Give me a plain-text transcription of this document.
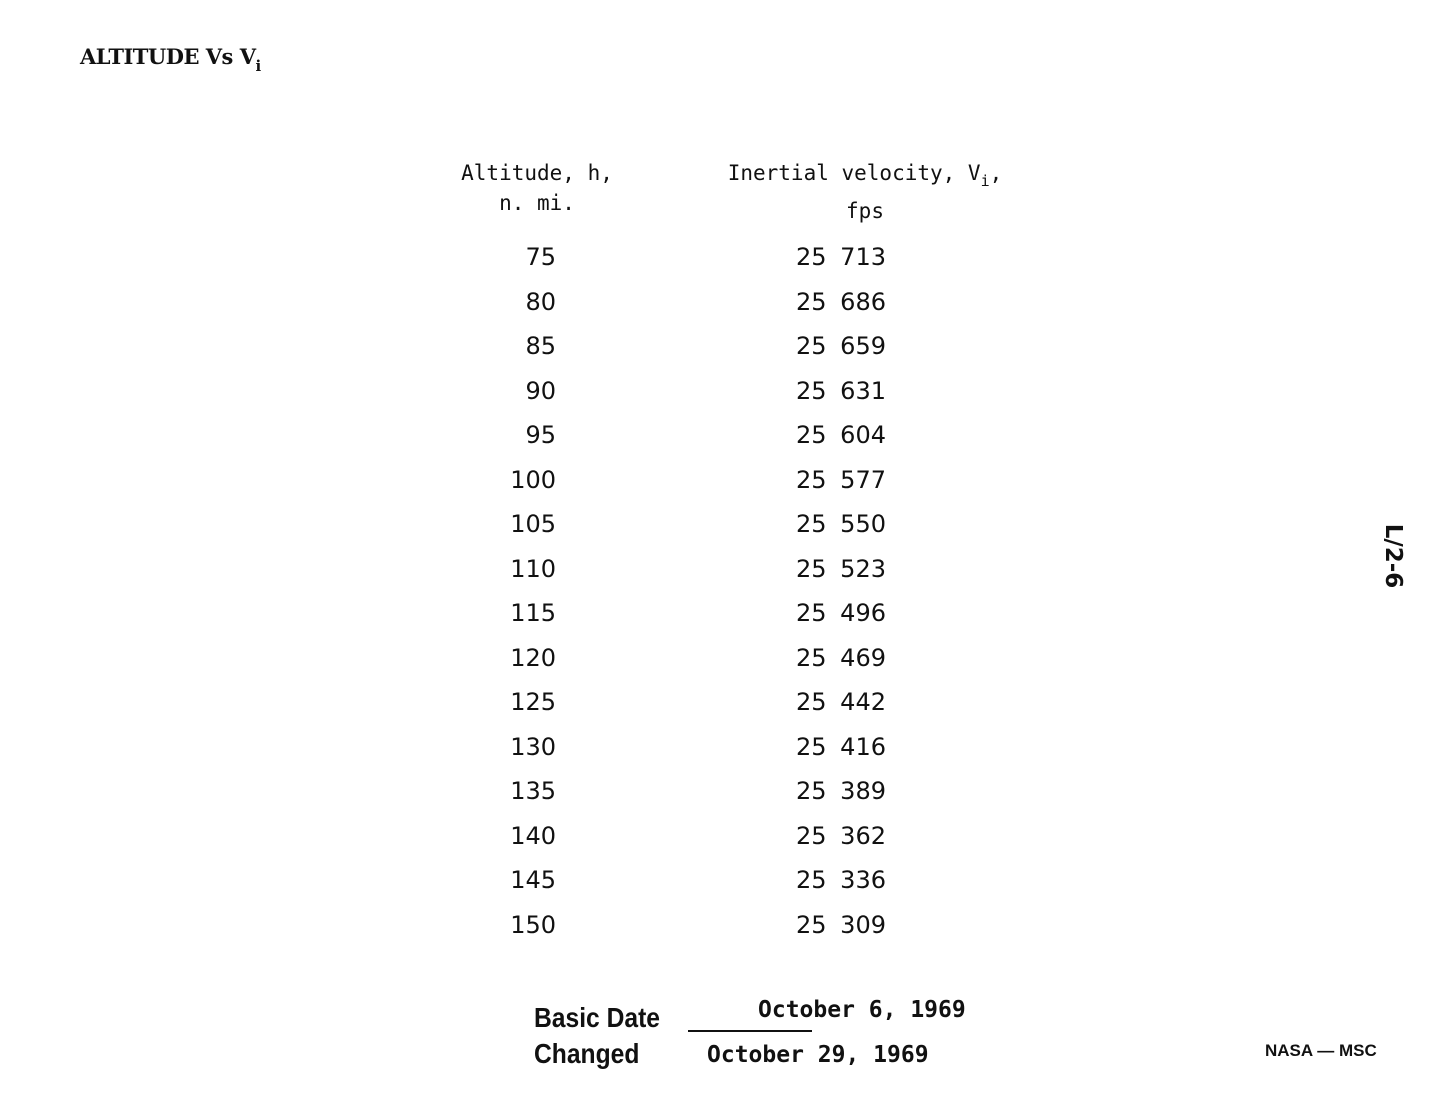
ALTITUDE Vs $V_i$
Altitude, h,
n. mi.
Inertial velocity, $V_i$,
fps
75	25 713
80	25 686
85	25 659
90	25 631
95	25 604
100	25 577
105	25 550
110	25 523
115	25 496
120	25 469
125	25 442
130	25 416
135	25 389
140	25 362
145	25 336
150	25 309
L/2-6
Basic Date	October 6, 1969
Changed	October 29, 1969	NASA — MSC
